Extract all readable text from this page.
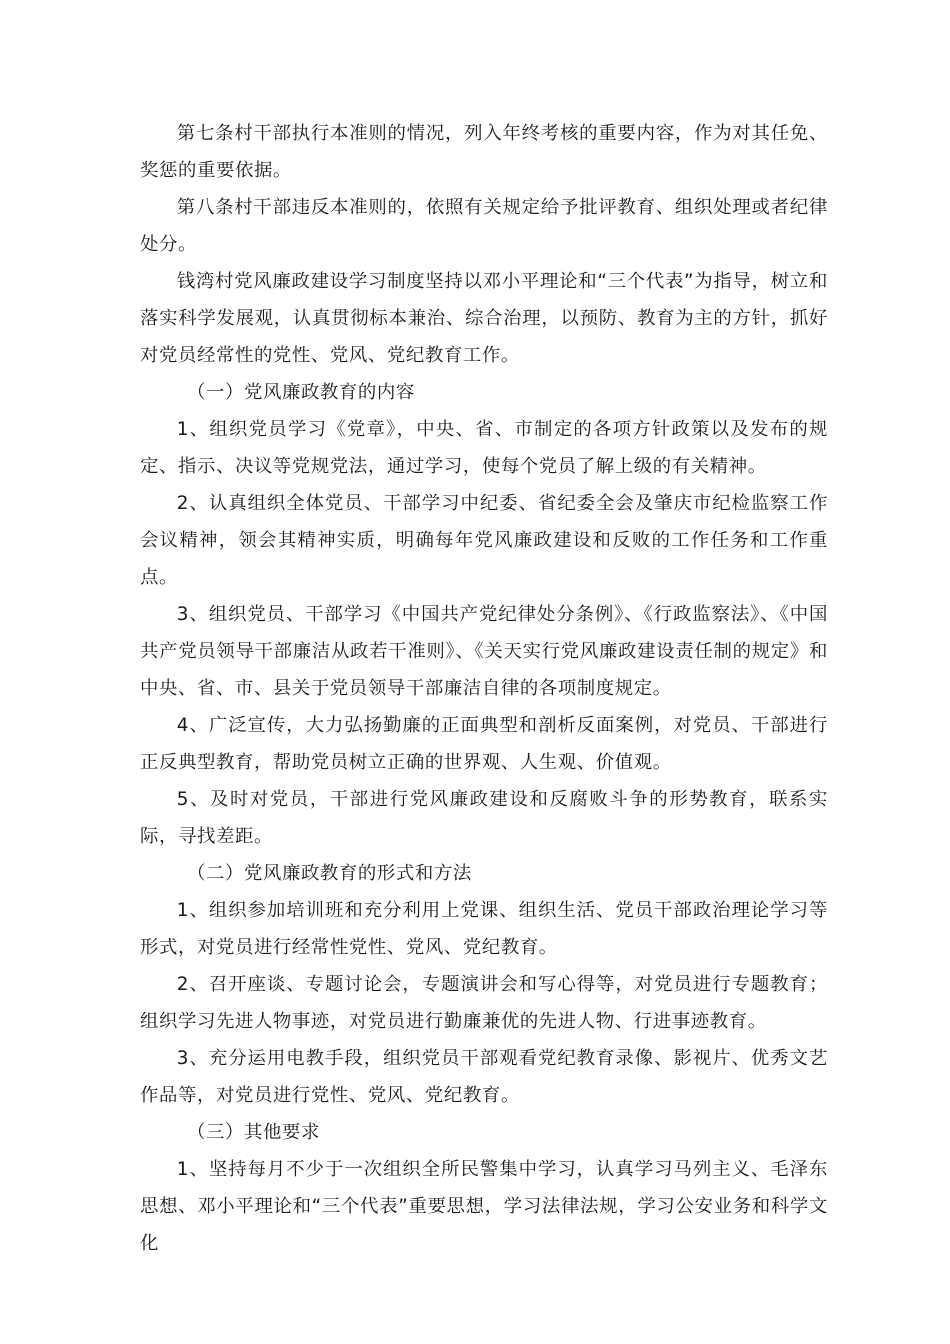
第七条村干部执行本准则的情况，列入年终考核的重要内容，作为对其任免、奖惩的重要依据。

第八条村干部违反本准则的，依照有关规定给予批评教育、组织处理或者纪律处分。

钱湾村党风廉政建设学习制度坚持以邓小平理论和“三个代表”为指导，树立和落实科学发展观，认真贯彻标本兼治、综合治理，以预防、教育为主的方针，抓好对党员经常性的党性、党风、党纪教育工作。

（一）党风廉政教育的内容

1、组织党员学习《党章》，中央、省、市制定的各项方针政策以及发布的规定、指示、决议等党规党法，通过学习，使每个党员了解上级的有关精神。

2、认真组织全体党员、干部学习中纪委、省纪委全会及肇庆市纪检监察工作会议精神，领会其精神实质，明确每年党风廉政建设和反败的工作任务和工作重点。

3、组织党员、干部学习《中国共产党纪律处分条例》、《行政监察法》、《中国共产党员领导干部廉洁从政若干准则》、《关天实行党风廉政建设责任制的规定》和中央、省、市、县关于党员领导干部廉洁自律的各项制度规定。

4、广泛宣传，大力弘扬勤廉的正面典型和剖析反面案例，对党员、干部进行正反典型教育，帮助党员树立正确的世界观、人生观、价值观。

5、及时对党员，干部进行党风廉政建设和反腐败斗争的形势教育，联系实际，寻找差距。

（二）党风廉政教育的形式和方法

1、组织参加培训班和充分利用上党课、组织生活、党员干部政治理论学习等形式，对党员进行经常性党性、党风、党纪教育。

2、召开座谈、专题讨论会，专题演讲会和写心得等，对党员进行专题教育；组织学习先进人物事迹，对党员进行勤廉兼优的先进人物、行进事迹教育。

3、充分运用电教手段，组织党员干部观看党纪教育录像、影视片、优秀文艺作品等，对党员进行党性、党风、党纪教育。

（三）其他要求

1、坚持每月不少于一次组织全所民警集中学习，认真学习马列主义、毛泽东思想、邓小平理论和“三个代表”重要思想，学习法律法规，学习公安业务和科学文化
